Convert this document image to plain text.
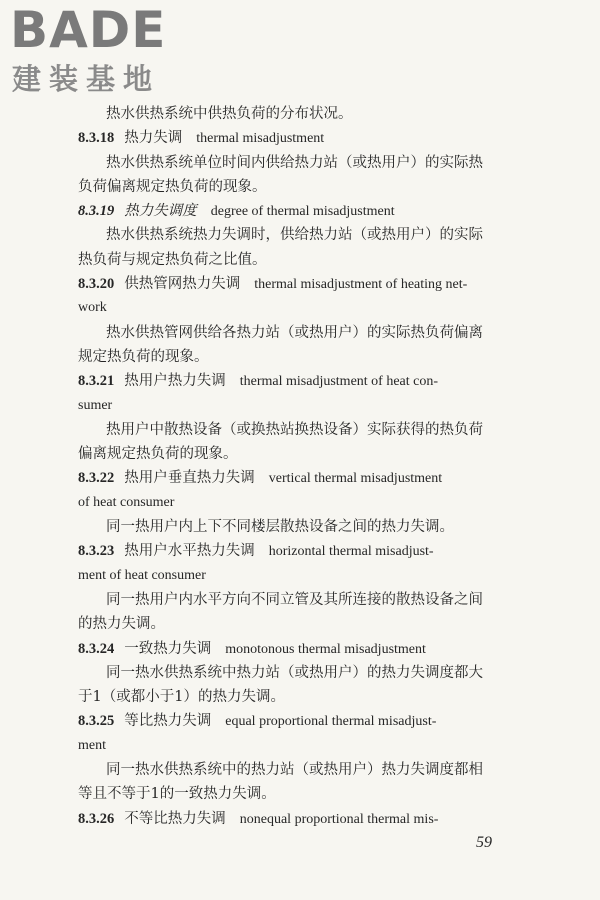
BADE
建装基地
热水供热系统中供热负荷的分布状况。
8.3.18 热力失调 thermal misadjustment
热水供热系统单位时间内供给热力站（或热用户）的实际热
负荷偏离规定热负荷的现象。
8.3.19 热力失调度 degree of thermal misadjustment
热水供热系统热力失调时，供给热力站（或热用户）的实际
热负荷与规定热负荷之比值。
8.3.20 供热管网热力失调 thermal misadjustment of heating net-
work
热水供热管网供给各热力站（或热用户）的实际热负荷偏离
规定热负荷的现象。
8.3.21 热用户热力失调 thermal misadjustment of heat con-
sumer
热用户中散热设备（或换热站换热设备）实际获得的热负荷
偏离规定热负荷的现象。
8.3.22 热用户垂直热力失调 vertical thermal misadjustment
of heat consumer
同一热用户内上下不同楼层散热设备之间的热力失调。
8.3.23 热用户水平热力失调 horizontal thermal misadjust-
ment of heat consumer
同一热用户内水平方向不同立管及其所连接的散热设备之间
的热力失调。
8.3.24 一致热力失调 monotonous thermal misadjustment
同一热水供热系统中热力站（或热用户）的热力失调度都大
于1（或都小于1）的热力失调。
8.3.25 等比热力失调 equal proportional thermal misadjust-
ment
同一热水供热系统中的热力站（或热用户）热力失调度都相
等且不等于1的一致热力失调。
8.3.26 不等比热力失调 nonequal proportional thermal mis-
59
